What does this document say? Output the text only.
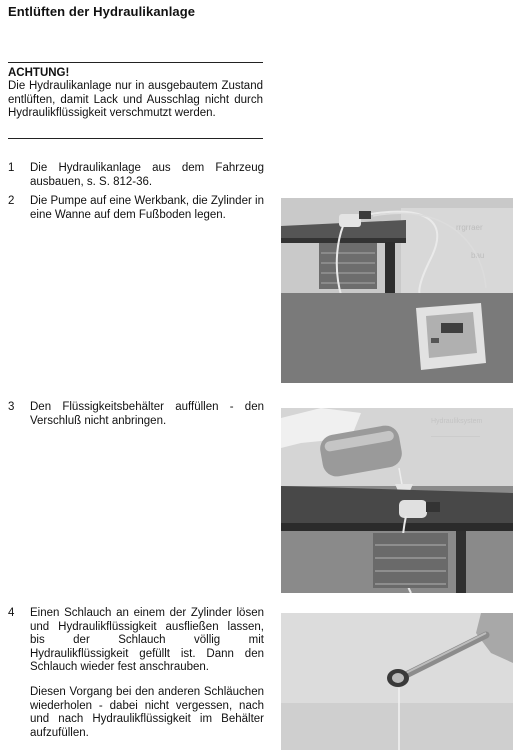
Entlüften der Hydraulikanlage
ACHTUNG!
Die Hydraulikanlage nur in ausgebautem Zustand entlüften, damit Lack und Ausschlag nicht durch Hydraulikflüssigkeit verschmutzt werden.
1	Die Hydraulikanlage aus dem Fahrzeug ausbauen, s. S. 812-36.
2	Die Pumpe auf eine Werkbank, die Zylinder in eine Wanne auf dem Fußboden legen.
3	Den Flüssigkeitsbehälter auffüllen - den Verschluß nicht anbringen.
4	Einen Schlauch an einem der Zylinder lösen und Hydraulikflüssigkeit ausfließen lassen, bis der Schlauch völlig mit Hydraulikflüssigkeit gefüllt ist. Dann den Schlauch wieder fest anschrauben.
Diesen Vorgang bei den anderen Schläuchen wiederholen - dabei nicht vergessen, nach und nach Hydraulikflüssigkeit im Behälter aufzufüllen.
rrgrraer
bau
Hydrauliksystem
———————
